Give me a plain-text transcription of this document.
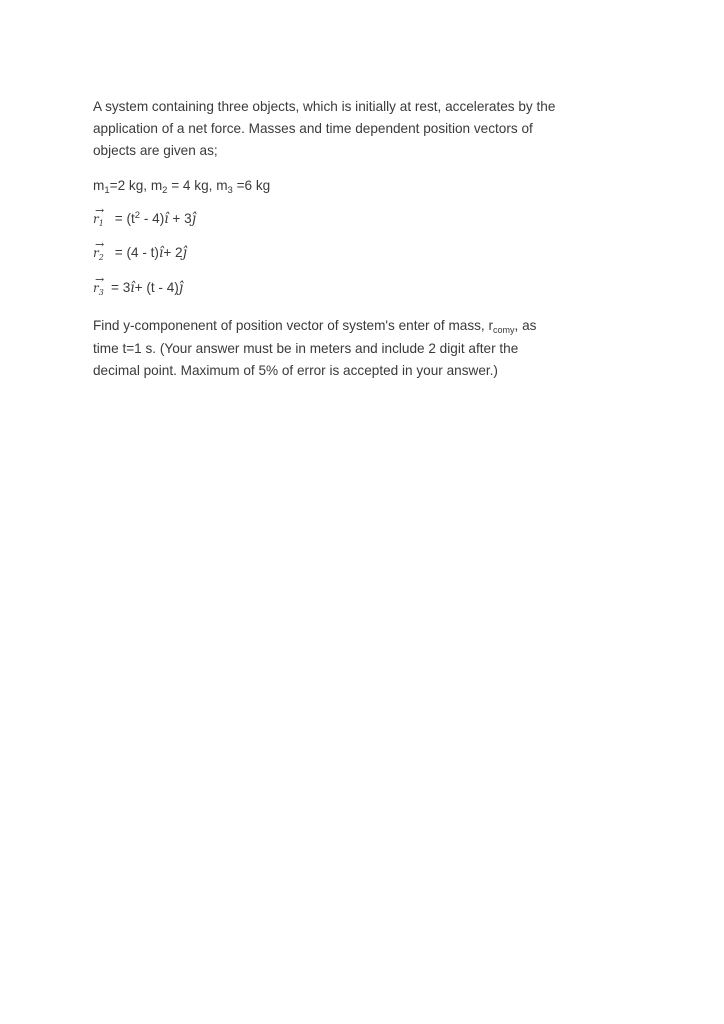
A system containing three objects, which is initially at rest, accelerates by the application of a net force. Masses and time dependent position vectors of objects are given as;

$m_1=2$ kg, $m_2 = 4$ kg, $m_3 =6$ kg
→
$r_1 = (t^2$ - 4)î + 3ĵ
→
$r_2 = (4$ - t)î+ 2ĵ
→
$r_3$ = 3î+ (t - 4)ĵ

Find y-componenent of position vector of system's enter of mass, $r_{comy}$, as time t=1 s. (Your answer must be in meters and include 2 digit after the decimal point. Maximum of 5% of error is accepted in your answer.)
